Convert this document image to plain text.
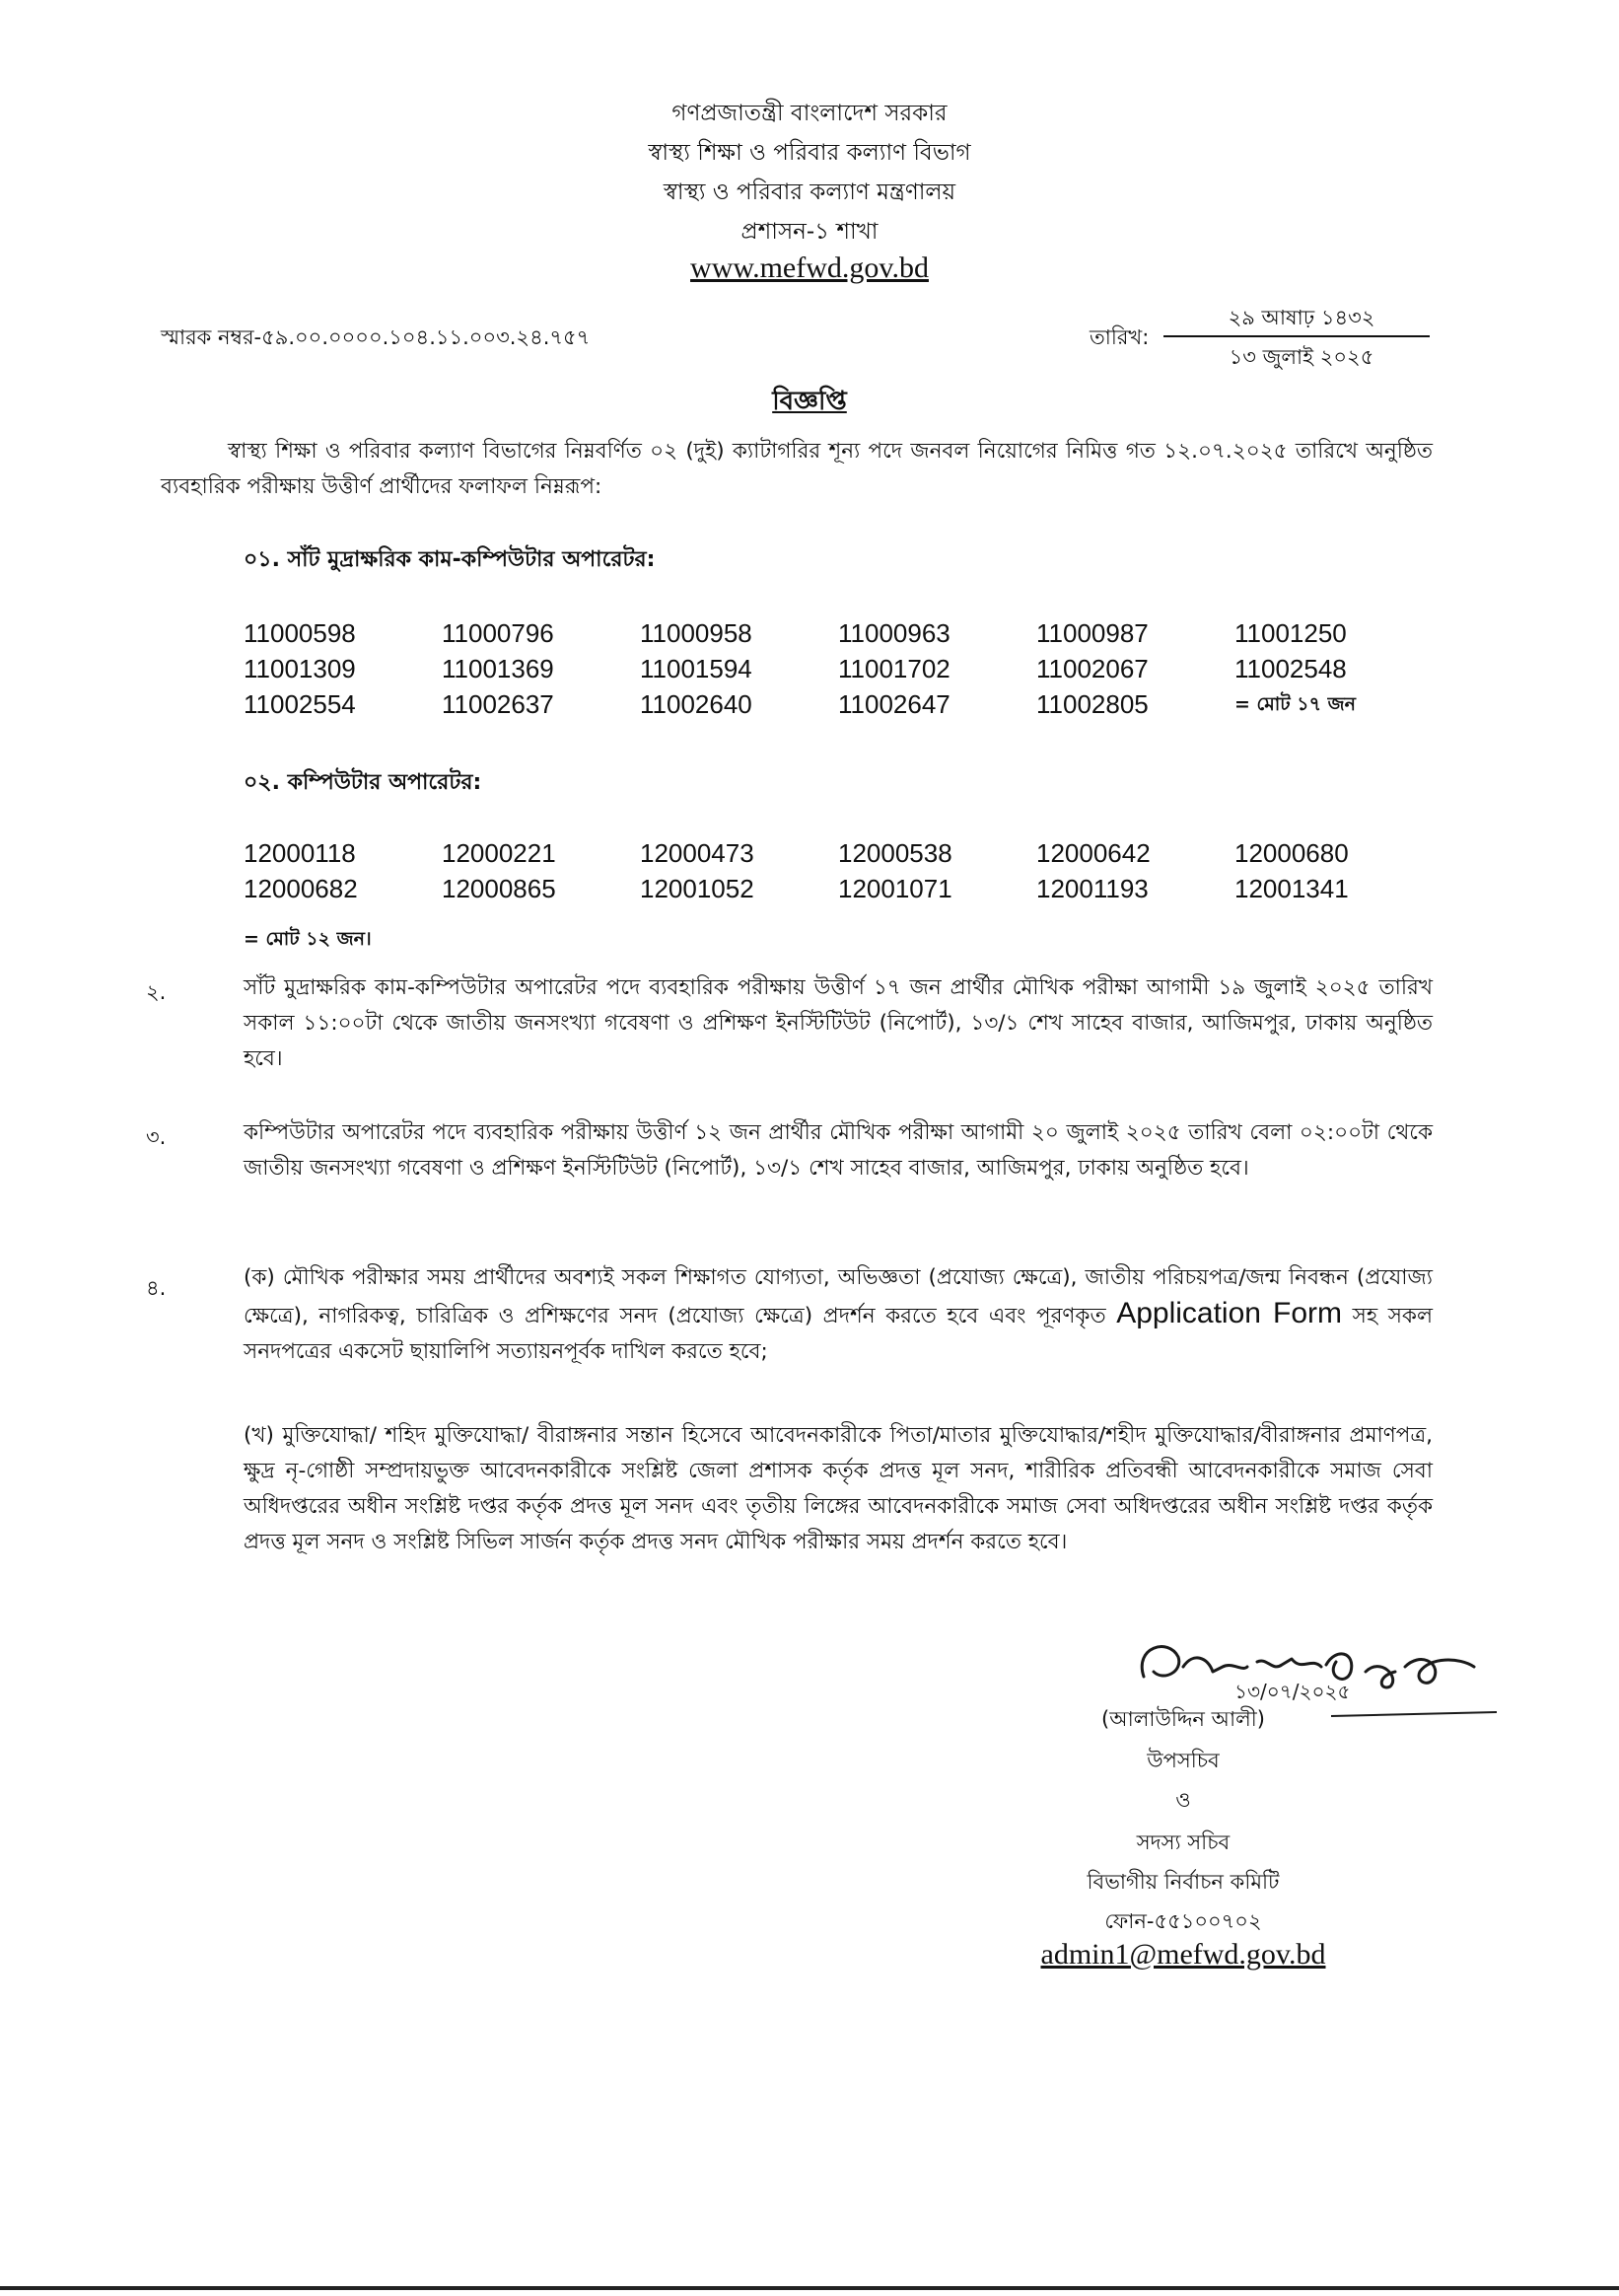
গণপ্রজাতন্ত্রী বাংলাদেশ সরকার
স্বাস্থ্য শিক্ষা ও পরিবার কল্যাণ বিভাগ
স্বাস্থ্য ও পরিবার কল্যাণ মন্ত্রণালয়
প্রশাসন-১ শাখা
www.mefwd.gov.bd
স্মারক নম্বর-৫৯.০০.০০০০.১০৪.১১.০০৩.২৪.৭৫৭	তারিখ:
২৯ আষাঢ় ১৪৩২
১৩ জুলাই ২০২৫
বিজ্ঞপ্তি
স্বাস্থ্য শিক্ষা ও পরিবার কল্যাণ বিভাগের নিম্নবর্ণিত ০২ (দুই) ক্যাটাগরির শূন্য পদে জনবল নিয়োগের নিমিত্ত গত ১২.০৭.২০২৫ তারিখে অনুষ্ঠিত ব্যবহারিক পরীক্ষায় উত্তীর্ণ প্রার্থীদের ফলাফল নিম্নরূপ:
০১. সাঁট মুদ্রাক্ষরিক কাম-কম্পিউটার অপারেটর:
11000598	11000796	11000958	11000963	11000987	11001250
11001309	11001369	11001594	11001702	11002067	11002548
11002554	11002637	11002640	11002647	11002805	= মোট ১৭ জন
০২. কম্পিউটার অপারেটর:
12000118	12000221	12000473	12000538	12000642	12000680
12000682	12000865	12001052	12001071	12001193	12001341
= মোট ১২ জন।
২.	সাঁট মুদ্রাক্ষরিক কাম-কম্পিউটার অপারেটর পদে ব্যবহারিক পরীক্ষায় উত্তীর্ণ ১৭ জন প্রার্থীর মৌখিক পরীক্ষা আগামী ১৯ জুলাই ২০২৫ তারিখ সকাল ১১:০০টা থেকে জাতীয় জনসংখ্যা গবেষণা ও প্রশিক্ষণ ইনস্টিটিউট (নিপোর্ট), ১৩/১ শেখ সাহেব বাজার, আজিমপুর, ঢাকায় অনুষ্ঠিত হবে।
৩.	কম্পিউটার অপারেটর পদে ব্যবহারিক পরীক্ষায় উত্তীর্ণ ১২ জন প্রার্থীর মৌখিক পরীক্ষা আগামী ২০ জুলাই ২০২৫ তারিখ বেলা ০২:০০টা থেকে জাতীয় জনসংখ্যা গবেষণা ও প্রশিক্ষণ ইনস্টিটিউট (নিপোর্ট), ১৩/১ শেখ সাহেব বাজার, আজিমপুর, ঢাকায় অনুষ্ঠিত হবে।
৪.	(ক) মৌখিক পরীক্ষার সময় প্রার্থীদের অবশ্যই সকল শিক্ষাগত যোগ্যতা, অভিজ্ঞতা (প্রযোজ্য ক্ষেত্রে), জাতীয় পরিচয়পত্র/জন্ম নিবন্ধন (প্রযোজ্য ক্ষেত্রে), নাগরিকত্ব, চারিত্রিক ও প্রশিক্ষণের সনদ (প্রযোজ্য ক্ষেত্রে) প্রদর্শন করতে হবে এবং পূরণকৃত Application Form সহ সকল সনদপত্রের একসেট ছায়ালিপি সত্যায়নপূর্বক দাখিল করতে হবে;
(খ) মুক্তিযোদ্ধা/ শহিদ মুক্তিযোদ্ধা/ বীরাঙ্গনার সন্তান হিসেবে আবেদনকারীকে পিতা/মাতার মুক্তিযোদ্ধার/শহীদ মুক্তিযোদ্ধার/বীরাঙ্গনার প্রমাণপত্র, ক্ষুদ্র নৃ-গোষ্ঠী সম্প্রদায়ভুক্ত আবেদনকারীকে সংশ্লিষ্ট জেলা প্রশাসক কর্তৃক প্রদত্ত মূল সনদ, শারীরিক প্রতিবন্ধী আবেদনকারীকে সমাজ সেবা অধিদপ্তরের অধীন সংশ্লিষ্ট দপ্তর কর্তৃক প্রদত্ত মূল সনদ এবং তৃতীয় লিঙ্গের আবেদনকারীকে সমাজ সেবা অধিদপ্তরের অধীন সংশ্লিষ্ট দপ্তর কর্তৃক প্রদত্ত মূল সনদ ও সংশ্লিষ্ট সিভিল সার্জন কর্তৃক প্রদত্ত সনদ মৌখিক পরীক্ষার সময় প্রদর্শন করতে হবে।
১৩/০৭/২০২৫
(আলাউদ্দিন আলী)
উপসচিব
ও
সদস্য সচিব
বিভাগীয় নির্বাচন কমিটি
ফোন-৫৫১০০৭০২
admin1@mefwd.gov.bd
